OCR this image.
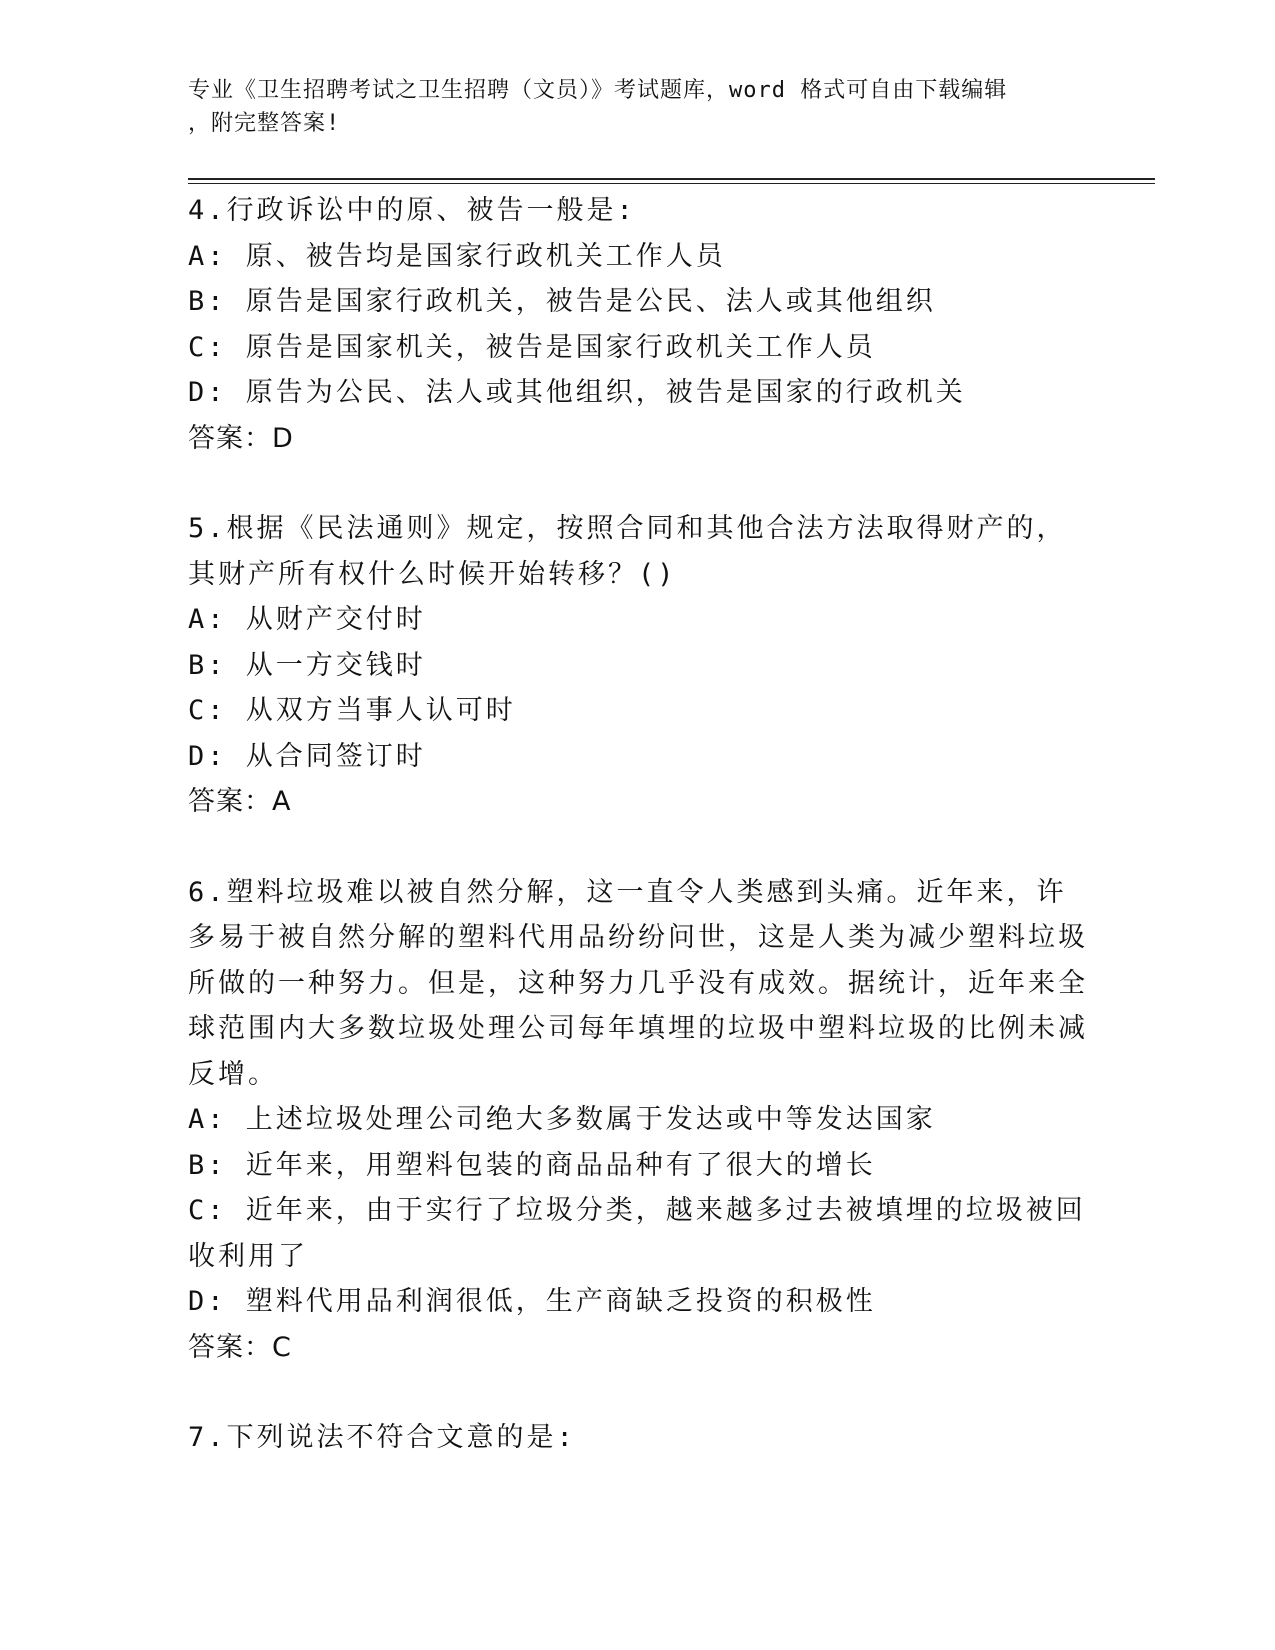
专业《卫生招聘考试之卫生招聘（文员）》考试题库，word 格式可自由下载编辑
，附完整答案!
4.行政诉讼中的原、被告一般是:
A: 原、被告均是国家行政机关工作人员
B: 原告是国家行政机关，被告是公民、法人或其他组织
C: 原告是国家机关，被告是国家行政机关工作人员
D: 原告为公民、法人或其他组织，被告是国家的行政机关
答案：D
5.根据《民法通则》规定，按照合同和其他合法方法取得财产的，其财产所有权什么时候开始转移？()
A: 从财产交付时
B: 从一方交钱时
C: 从双方当事人认可时
D: 从合同签订时
答案：A
6.塑料垃圾难以被自然分解，这一直令人类感到头痛。近年来，许多易于被自然分解的塑料代用品纷纷问世，这是人类为减少塑料垃圾所做的一种努力。但是，这种努力几乎没有成效。据统计，近年来全球范围内大多数垃圾处理公司每年填埋的垃圾中塑料垃圾的比例未减反增。
A: 上述垃圾处理公司绝大多数属于发达或中等发达国家
B: 近年来，用塑料包装的商品品种有了很大的增长
C: 近年来，由于实行了垃圾分类，越来越多过去被填埋的垃圾被回收利用了
D: 塑料代用品利润很低，生产商缺乏投资的积极性
答案：C
7.下列说法不符合文意的是:
